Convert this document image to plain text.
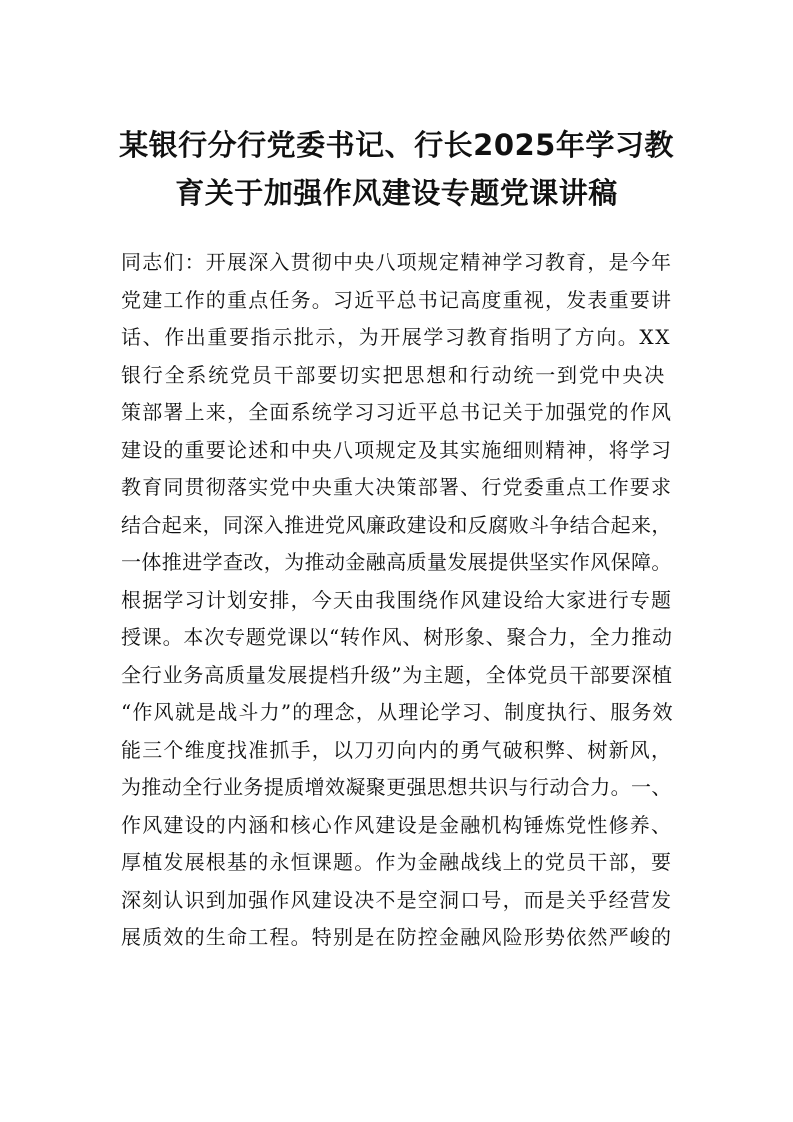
某银行分行党委书记、行长2025年学习教
育关于加强作风建设专题党课讲稿
同志们：开展深入贯彻中央八项规定精神学习教育，是今年
党建工作的重点任务。习近平总书记高度重视，发表重要讲
话、作出重要指示批示，为开展学习教育指明了方向。XX
银行全系统党员干部要切实把思想和行动统一到党中央决
策部署上来，全面系统学习习近平总书记关于加强党的作风
建设的重要论述和中央八项规定及其实施细则精神，将学习
教育同贯彻落实党中央重大决策部署、行党委重点工作要求
结合起来，同深入推进党风廉政建设和反腐败斗争结合起来，
一体推进学查改，为推动金融高质量发展提供坚实作风保障。
根据学习计划安排，今天由我围绕作风建设给大家进行专题
授课。本次专题党课以“转作风、树形象、聚合力，全力推动
全行业务高质量发展提档升级”为主题，全体党员干部要深植
“作风就是战斗力”的理念，从理论学习、制度执行、服务效
能三个维度找准抓手，以刀刃向内的勇气破积弊、树新风，
为推动全行业务提质增效凝聚更强思想共识与行动合力。一、
作风建设的内涵和核心作风建设是金融机构锤炼党性修养、
厚植发展根基的永恒课题。作为金融战线上的党员干部，要
深刻认识到加强作风建设决不是空洞口号，而是关乎经营发
展质效的生命工程。特别是在防控金融风险形势依然严峻的
